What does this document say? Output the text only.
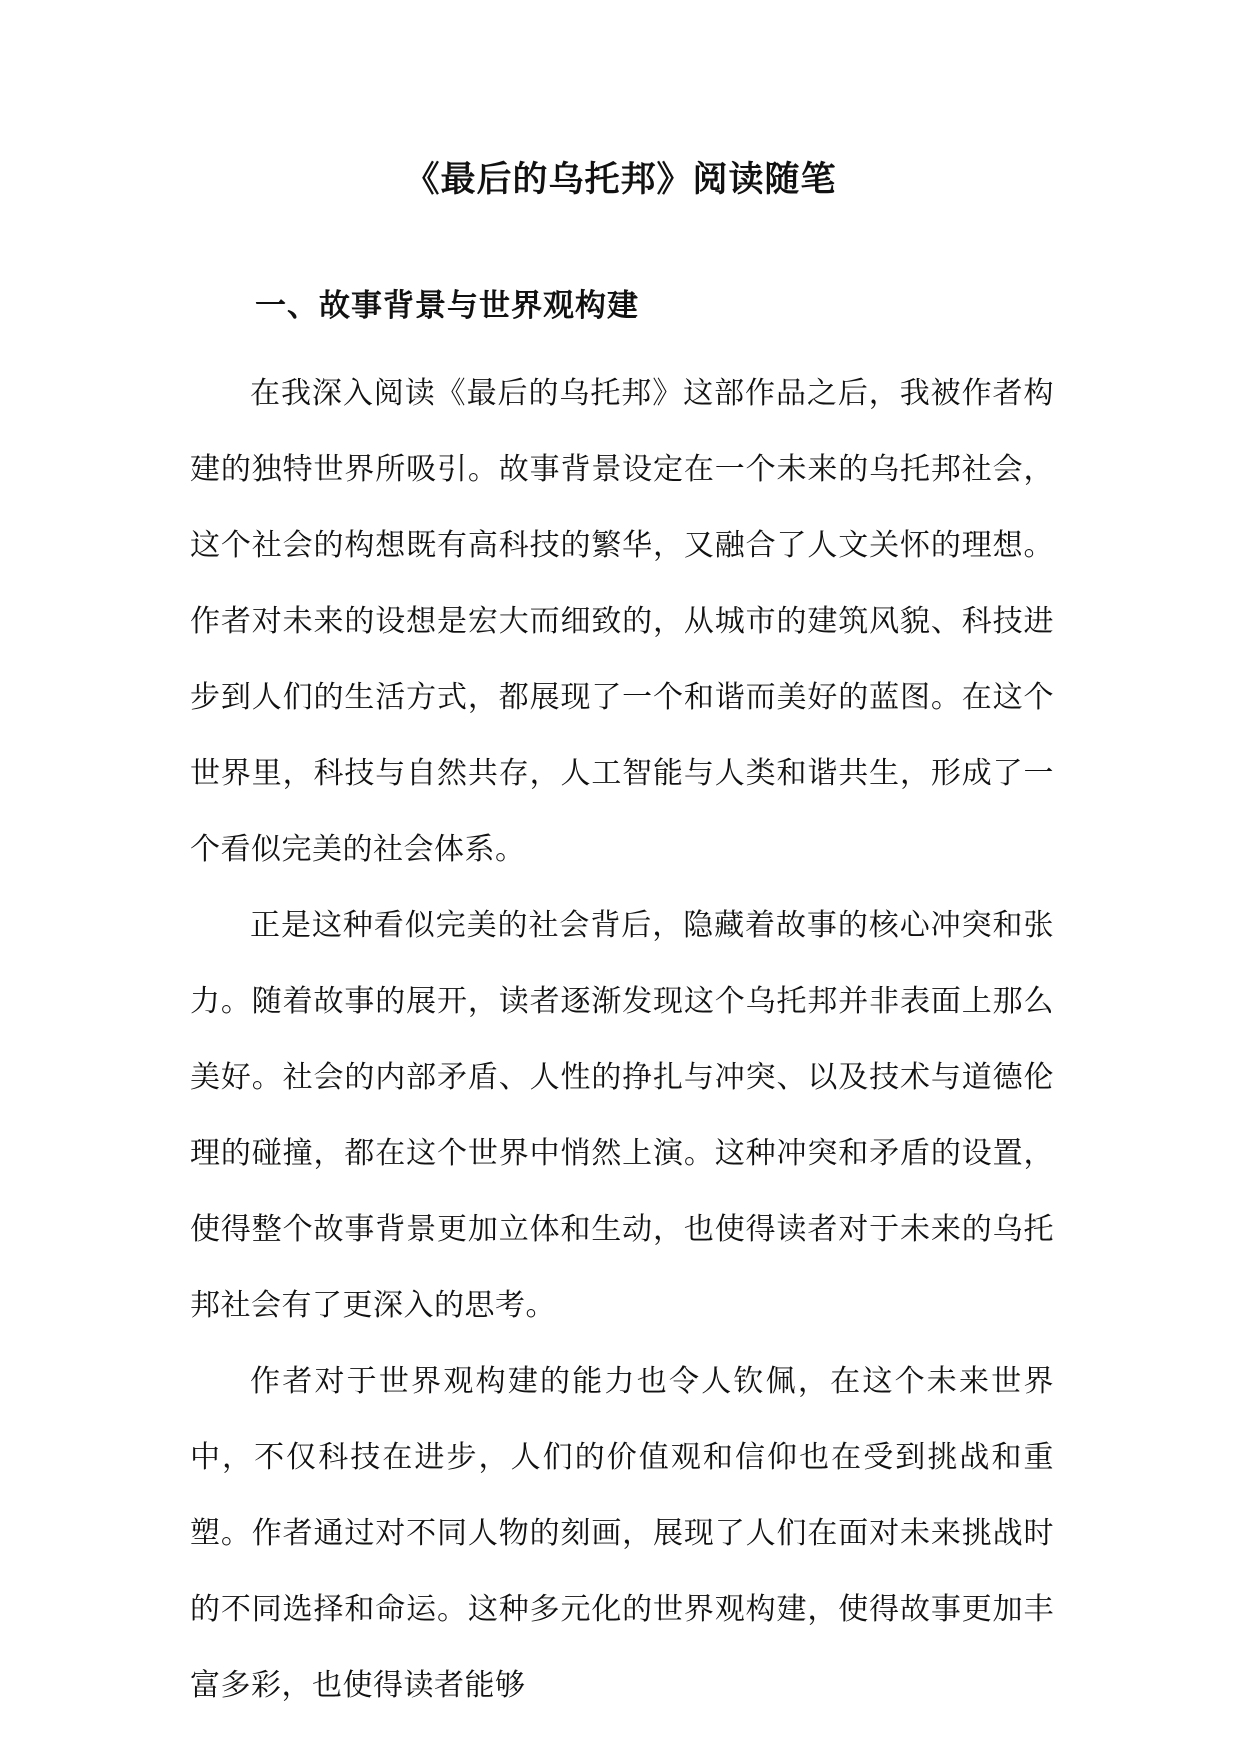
《最后的乌托邦》阅读随笔
一、故事背景与世界观构建

在我深入阅读《最后的乌托邦》这部作品之后，我被作者构建的独特世界所吸引。故事背景设定在一个未来的乌托邦社会，这个社会的构想既有高科技的繁华，又融合了人文关怀的理想。作者对未来的设想是宏大而细致的，从城市的建筑风貌、科技进步到人们的生活方式，都展现了一个和谐而美好的蓝图。在这个世界里，科技与自然共存，人工智能与人类和谐共生，形成了一个看似完美的社会体系。

正是这种看似完美的社会背后，隐藏着故事的核心冲突和张力。随着故事的展开，读者逐渐发现这个乌托邦并非表面上那么美好。社会的内部矛盾、人性的挣扎与冲突、以及技术与道德伦理的碰撞，都在这个世界中悄然上演。这种冲突和矛盾的设置，使得整个故事背景更加立体和生动，也使得读者对于未来的乌托邦社会有了更深入的思考。

作者对于世界观构建的能力也令人钦佩，在这个未来世界中，不仅科技在进步，人们的价值观和信仰也在受到挑战和重塑。作者通过对不同人物的刻画，展现了人们在面对未来挑战时的不同选择和命运。这种多元化的世界观构建，使得故事更加丰富多彩，也使得读者能够
